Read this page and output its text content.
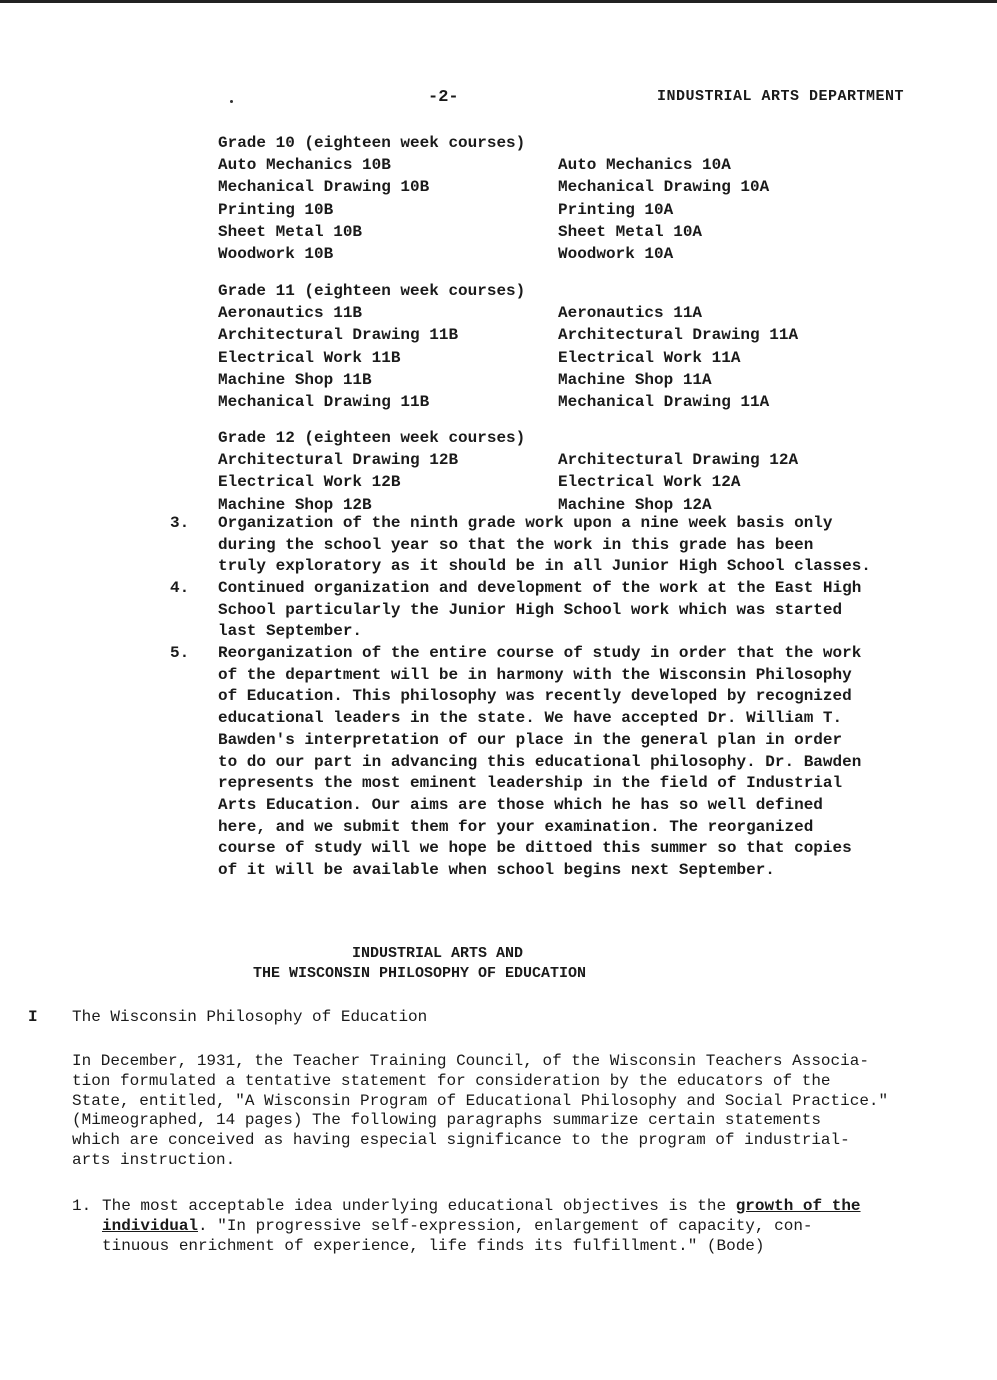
-2-	INDUSTRIAL ARTS DEPARTMENT
Grade 10 (eighteen week courses)
Auto Mechanics 10B	Auto Mechanics 10A
Mechanical Drawing 10B	Mechanical Drawing 10A
Printing 10B	Printing 10A
Sheet Metal 10B	Sheet Metal 10A
Woodwork 10B	Woodwork 10A
Grade 11 (eighteen week courses)
Aeronautics 11B	Aeronautics 11A
Architectural Drawing 11B	Architectural Drawing 11A
Electrical Work 11B	Electrical Work 11A
Machine Shop 11B	Machine Shop 11A
Mechanical Drawing 11B	Mechanical Drawing 11A
Grade 12 (eighteen week courses)
Architectural Drawing 12B	Architectural Drawing 12A
Electrical Work 12B	Electrical Work 12A
Machine Shop 12B	Machine Shop 12A
3. Organization of the ninth grade work upon a nine week basis only
during the school year so that the work in this grade has been
truly exploratory as it should be in all Junior High School classes.
4. Continued organization and development of the work at the East High
School particularly the Junior High School work which was started
last September.
5. Reorganization of the entire course of study in order that the work
of the department will be in harmony with the Wisconsin Philosophy
of Education. This philosophy was recently developed by recognized
educational leaders in the state. We have accepted Dr. William T.
Bawden's interpretation of our place in the general plan in order
to do our part in advancing this educational philosophy. Dr. Bawden
represents the most eminent leadership in the field of Industrial
Arts Education. Our aims are those which he has so well defined
here, and we submit them for your examination. The reorganized
course of study will we hope be dittoed this summer so that copies
of it will be available when school begins next September.
INDUSTRIAL ARTS AND
THE WISCONSIN PHILOSOPHY OF EDUCATION
I The Wisconsin Philosophy of Education
In December, 1931, the Teacher Training Council, of the Wisconsin Teachers Associa-
tion formulated a tentative statement for consideration by the educators of the
State, entitled, "A Wisconsin Program of Educational Philosophy and Social Practice."
(Mimeographed, 14 pages) The following paragraphs summarize certain statements
which are conceived as having especial significance to the program of industrial-
arts instruction.
1. The most acceptable idea underlying educational objectives is the growth of the
individual. "In progressive self-expression, enlargement of capacity, con-
tinuous enrichment of experience, life finds its fulfillment." (Bode)
